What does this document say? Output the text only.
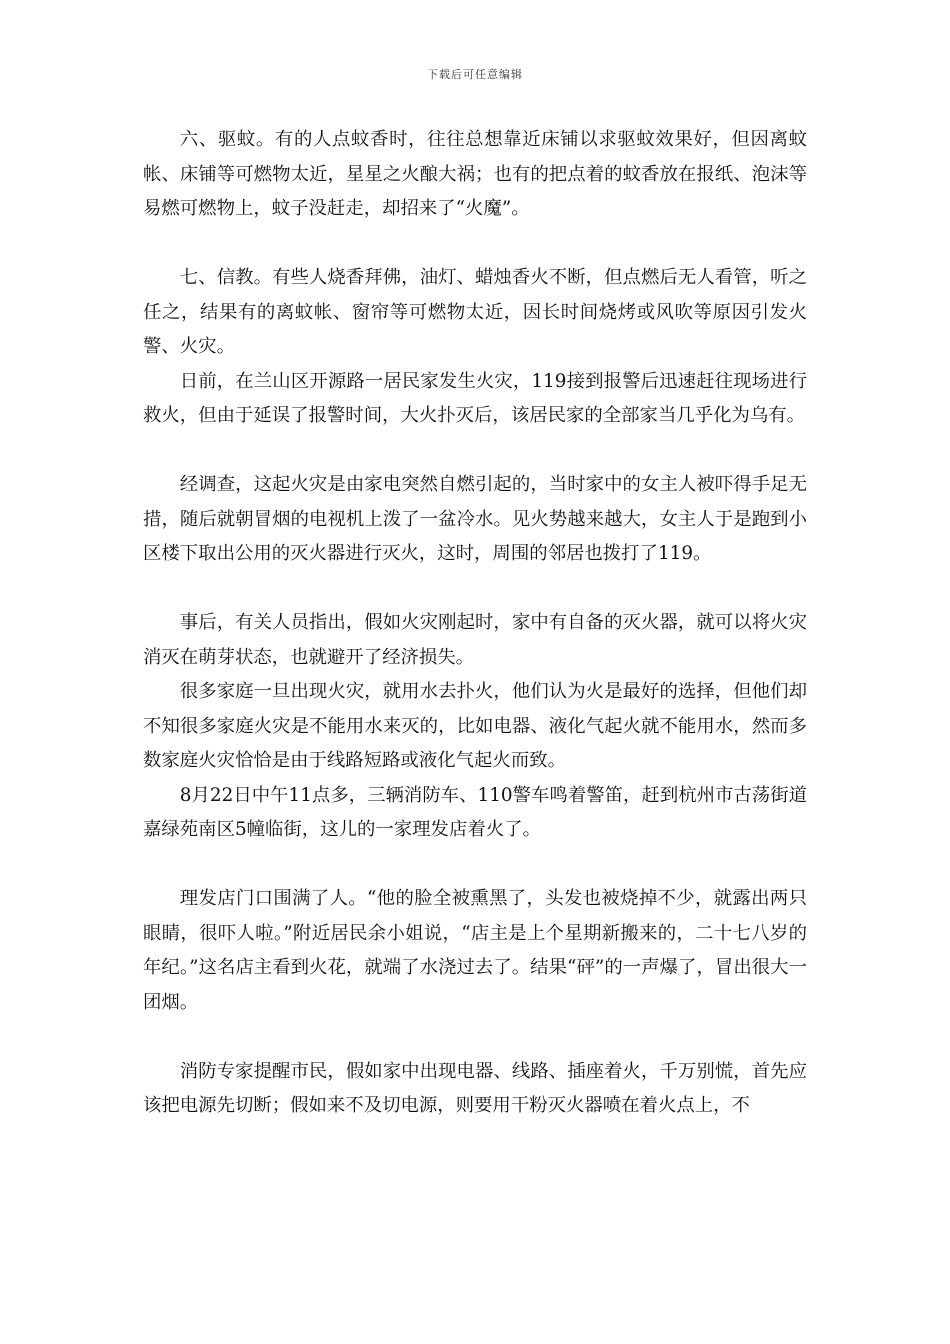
下载后可任意编辑

六、驱蚊。有的人点蚊香时，往往总想靠近床铺以求驱蚊效果好，但因离蚊帐、床铺等可燃物太近，星星之火酿大祸；也有的把点着的蚊香放在报纸、泡沫等易燃可燃物上，蚊子没赶走，却招来了“火魔”。

七、信教。有些人烧香拜佛，油灯、蜡烛香火不断，但点燃后无人看管，听之任之，结果有的离蚊帐、窗帘等可燃物太近，因长时间烧烤或风吹等原因引发火警、火灾。

日前，在兰山区开源路一居民家发生火灾，119接到报警后迅速赶往现场进行救火，但由于延误了报警时间，大火扑灭后，该居民家的全部家当几乎化为乌有。

经调查，这起火灾是由家电突然自燃引起的，当时家中的女主人被吓得手足无措，随后就朝冒烟的电视机上泼了一盆冷水。见火势越来越大，女主人于是跑到小区楼下取出公用的灭火器进行灭火，这时，周围的邻居也拨打了119。

事后，有关人员指出，假如火灾刚起时，家中有自备的灭火器，就可以将火灾消灭在萌芽状态，也就避开了经济损失。

很多家庭一旦出现火灾，就用水去扑火，他们认为火是最好的选择，但他们却不知很多家庭火灾是不能用水来灭的，比如电器、液化气起火就不能用水，然而多数家庭火灾恰恰是由于线路短路或液化气起火而致。

8月22日中午11点多，三辆消防车、110警车鸣着警笛，赶到杭州市古荡街道嘉绿苑南区5幢临街，这儿的一家理发店着火了。

理发店门口围满了人。“他的脸全被熏黑了，头发也被烧掉不少，就露出两只眼睛，很吓人啦。”附近居民余小姐说，“店主是上个星期新搬来的，二十七八岁的年纪。”这名店主看到火花，就端了水浇过去了。结果“砰”的一声爆了，冒出很大一团烟。

消防专家提醒市民，假如家中出现电器、线路、插座着火，千万别慌，首先应该把电源先切断；假如来不及切电源，则要用干粉灭火器喷在着火点上，不
